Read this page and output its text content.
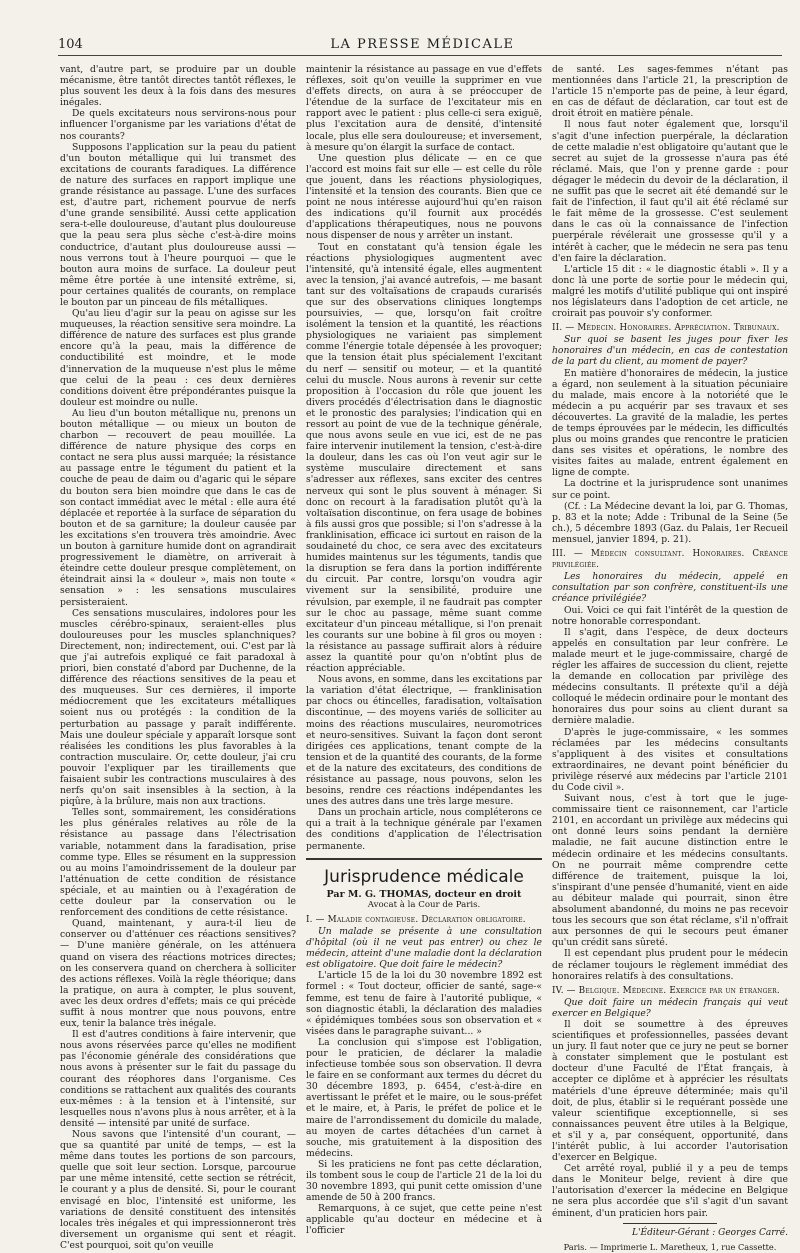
104	LA PRESSE MÉDICALE

vant, d'autre part, se produire par un double mécanisme, être tantôt directes tantôt réflexes, le plus souvent les deux à la fois dans des mesures inégales.

De quels excitateurs nous servirons-nous pour influencer l'organisme par les variations d'état de nos courants?

Supposons l'application sur la peau du patient d'un bouton métallique qui lui transmet des excitations de courants faradiques. La différence de nature des surfaces en rapport implique une grande résistance au passage. L'une des surfaces est, d'autre part, richement pourvue de nerfs d'une grande sensibilité. Aussi cette application sera-t-elle douloureuse, d'autant plus douloureuse que la peau sera plus sèche c'est-à-dire moins conductrice, d'autant plus douloureuse aussi — nous verrons tout à l'heure pourquoi — que le bouton aura moins de surface. La douleur peut même être portée à une intensité extrême, si, pour certaines qualités de courants, on remplace le bouton par un pinceau de fils métalliques.

Qu'au lieu d'agir sur la peau on agisse sur les muqueuses, la réaction sensitive sera moindre. La différence de nature des surfaces est plus grande encore qu'à la peau, mais la différence de conductibilité est moindre, et le mode d'innervation de la muqueuse n'est plus le même que celui de la peau : ces deux dernières conditions doivent être prépondérantes puisque la douleur est moindre ou nulle.

Au lieu d'un bouton métallique nu, prenons un bouton métallique — ou mieux un bouton de charbon — recouvert de peau mouillée. La différence de nature physique des corps en contact ne sera plus aussi marquée; la résistance au passage entre le tégument du patient et la couche de peau de daim ou d'agaric qui le sépare du bouton sera bien moindre que dans le cas de son contact immédiat avec le métal : elle aura été déplacée et reportée à la surface de séparation du bouton et de sa garniture; la douleur causée par les excitations s'en trouvera très amoindrie. Avec un bouton à garniture humide dont on agrandirait progressivement le diamètre, on arriverait à éteindre cette douleur presque complètement, on éteindrait ainsi la « douleur », mais non toute « sensation » : les sensations musculaires persisteraient.

Ces sensations musculaires, indolores pour les muscles cérébro-spinaux, seraient-elles plus douloureuses pour les muscles splanchniques? Directement, non; indirectement, oui. C'est par là que j'ai autrefois expliqué ce fait paradoxal à priori, bien constaté d'abord par Duchenne, de la différence des réactions sensitives de la peau et des muqueuses. Sur ces dernières, il importe médiocrement que les excitateurs métalliques soient nus ou protégés : la condition de la perturbation au passage y paraît indifférente. Mais une douleur spéciale y apparaît lorsque sont réalisées les conditions les plus favorables à la contraction musculaire. Or, cette douleur, j'ai cru pouvoir l'expliquer par les tiraillements que faisaient subir les contractions musculaires à des nerfs qu'on sait insensibles à la section, à la piqûre, à la brûlure, mais non aux tractions.

Telles sont, sommairement, les considérations les plus générales relatives au rôle de la résistance au passage dans l'électrisation variable, notamment dans la faradisation, prise comme type. Elles se résument en la suppression ou au moins l'amoindrissement de la douleur par l'atténuation de cette condition de résistance spéciale, et au maintien ou à l'exagération de cette douleur par la conservation ou le renforcement des conditions de cette résistance.

Quand, maintenant, y aura-t-il lieu de conserver ou d'atténuer ces réactions sensitives? — D'une manière générale, on les atténuera quand on visera des réactions motrices directes; on les conservera quand on cherchera à solliciter des actions réflexes. Voilà la règle théorique; dans la pratique, on aura à compter, le plus souvent, avec les deux ordres d'effets; mais ce qui précède suffit à nous montrer que nous pouvons, entre eux, tenir la balance très inégale.

Il est d'autres conditions à faire intervenir, que nous avons réservées parce qu'elles ne modifient pas l'économie générale des considérations que nous avons à présenter sur le fait du passage du courant des réophores dans l'organisme. Ces conditions se rattachent aux qualités des courants eux-mêmes : à la tension et à l'intensité, sur lesquelles nous n'avons plus à nous arrêter, et à la densité — intensité par unité de surface.

Nous savons que l'intensité d'un courant, — que sa quantité par unité de temps, — est la même dans toutes les portions de son parcours, quelle que soit leur section. Lorsque, parcourue par une même intensité, cette section se rétrécit, le courant y a plus de densité. Si, pour le courant envisagé en bloc, l'intensité est uniforme, les variations de densité constituent des intensités locales très inégales et qui impressionneront très diversement un organisme qui sent et réagit. C'est pourquoi, soit qu'on veuille

maintenir la résistance au passage en vue d'effets réflexes, soit qu'on veuille la supprimer en vue d'effets directs, on aura à se préoccuper de l'étendue de la surface de l'excitateur mis en rapport avec le patient : plus celle-ci sera exiguë, plus l'excitation aura de densité, d'intensité locale, plus elle sera douloureuse; et inversement, à mesure qu'on élargit la surface de contact.

Une question plus délicate — en ce que l'accord est moins fait sur elle — est celle du rôle que jouent, dans les réactions physiologiques, l'intensité et la tension des courants. Bien que ce point ne nous intéresse aujourd'hui qu'en raison des indications qu'il fournit aux procédés d'applications thérapeutiques, nous ne pouvons nous dispenser de nous y arrêter un instant.

Tout en constatant qu'à tension égale les réactions physiologiques augmentent avec l'intensité, qu'à intensité égale, elles augmentent avec la tension, j'ai avancé autrefois, — me basant tant sur des voltaïsations de crapauds curarisés que sur des observations cliniques longtemps poursuivies, — que, lorsqu'on fait croître isolément la tension et la quantité, les réactions physiologiques ne variaient pas simplement comme l'énergie totale dépensée à les provoquer; que la tension était plus spécialement l'excitant du nerf — sensitif ou moteur, — et la quantité celui du muscle. Nous aurons à revenir sur cette proposition à l'occasion du rôle que jouent les divers procédés d'électrisation dans le diagnostic et le pronostic des paralysies; l'indication qui en ressort au point de vue de la technique générale, que nous avons seule en vue ici, est de ne pas faire intervenir inutilement la tension, c'est-à-dire la douleur, dans les cas où l'on veut agir sur le système musculaire directement et sans s'adresser aux réflexes, sans exciter des centres nerveux qui sont le plus souvent à ménager. Si donc on recourt à la faradisation plutôt qu'à la voltaïsation discontinue, on fera usage de bobines à fils aussi gros que possible; si l'on s'adresse à la franklinisation, efficace ici surtout en raison de la soudaineté du choc, ce sera avec des excitateurs humides maintenus sur les téguments, tandis que la disruption se fera dans la portion indifférente du circuit. Par contre, lorsqu'on voudra agir vivement sur la sensibilité, produire une révulsion, par exemple, il ne faudrait pas compter sur le choc au passage, même suant comme excitateur d'un pinceau métallique, si l'on prenait les courants sur une bobine à fil gros ou moyen : la résistance au passage suffirait alors à réduire assez la quantité pour qu'on n'obtînt plus de réaction appréciable.

Nous avons, en somme, dans les excitations par la variation d'état électrique, — franklinisation par chocs ou étincelles, faradisation, voltaïsation discontinue, — des moyens variés de solliciter au moins des réactions musculaires, neuromotrices et neuro-sensitives. Suivant la façon dont seront dirigées ces applications, tenant compte de la tension et de la quantité des courants, de la forme et de la nature des excitateurs, des conditions de résistance au passage, nous pouvons, selon les besoins, rendre ces réactions indépendantes les unes des autres dans une très large mesure.

Dans un prochain article, nous compléterons ce qui a trait à la technique générale par l'examen des conditions d'application de l'électrisation permanente.

Jurisprudence médicale
Par M. G. THOMAS, docteur en droit
Avocat à la Cour de Paris.

I. — Maladie contagieuse. Déclaration obligatoire.

Un malade se présente à une consultation d'hôpital (où il ne veut pas entrer) ou chez le médecin, atteint d'une maladie dont la déclaration est obligatoire. Que doit faire le médecin?

L'article 15 de la loi du 30 novembre 1892 est formel : « Tout docteur, officier de santé, sage-« femme, est tenu de faire à l'autorité publique, « son diagnostic établi, la déclaration des maladies « épidémiques tombées sous son observation et « visées dans le paragraphe suivant... »

La conclusion qui s'impose est l'obligation, pour le praticien, de déclarer la maladie infectieuse tombée sous son observation. Il devra le faire en se conformant aux termes du décret du 30 décembre 1893, p. 6454, c'est-à-dire en avertissant le préfet et le maire, ou le sous-préfet et le maire, et, à Paris, le préfet de police et le maire de l'arrondissement du domicile du malade, au moyen de cartes détachées d'un carnet à souche, mis gratuitement à la disposition des médecins.

Si les praticiens ne font pas cette déclaration, ils tombent sous le coup de l'article 21 de la loi du 30 novembre 1893, qui punit cette omission d'une amende de 50 à 200 francs.

Remarquons, à ce sujet, que cette peine n'est applicable qu'au docteur en médecine et à l'officier

de santé. Les sages-femmes n'étant pas mentionnées dans l'article 21, la prescription de l'article 15 n'emporte pas de peine, à leur égard, en cas de défaut de déclaration, car tout est de droit étroit en matière pénale.

Il nous faut noter également que, lorsqu'il s'agit d'une infection puerpérale, la déclaration de cette maladie n'est obligatoire qu'autant que le secret au sujet de la grossesse n'aura pas été réclamé. Mais, que l'on y prenne garde : pour dégager le médecin du devoir de la déclaration, il ne suffit pas que le secret ait été demandé sur le fait de l'infection, il faut qu'il ait été réclamé sur le fait même de la grossesse. C'est seulement dans le cas où la connaissance de l'infection puerpérale révélerait une grossesse qu'il y a intérêt à cacher, que le médecin ne sera pas tenu d'en faire la déclaration.

L'article 15 dit : « le diagnostic établi ». Il y a donc là une porte de sortie pour le médecin qui, malgré les motifs d'utilité publique qui ont inspiré nos législateurs dans l'adoption de cet article, ne croirait pas pouvoir s'y conformer.

II. — Médecin. Honoraires. Appréciation. Tribunaux.

Sur quoi se basent les juges pour fixer les honoraires d'un médecin, en cas de contestation de la part du client, au moment de payer?

En matière d'honoraires de médecin, la justice a égard, non seulement à la situation pécuniaire du malade, mais encore à la notoriété que le médecin a pu acquérir par ses travaux et ses découvertes. La gravité de la maladie, les pertes de temps éprouvées par le médecin, les difficultés plus ou moins grandes que rencontre le praticien dans ses visites et opérations, le nombre des visites faites au malade, entrent également en ligne de compte.

La doctrine et la jurisprudence sont unanimes sur ce point.

(Cf. : La Médecine devant la loi, par G. Thomas, p. 83 et la note; Adde : Tribunal de la Seine (5e ch.), 5 décembre 1893 (Gaz. du Palais, 1er Recueil mensuel, janvier 1894, p. 21).

III. — Médecin consultant. Honoraires. Créance privilégiée.

Les honoraires du médecin, appelé en consultation par son confrère, constituent-ils une créance privilégiée?

Oui. Voici ce qui fait l'intérêt de la question de notre honorable correspondant.

Il s'agit, dans l'espèce, de deux docteurs appelés en consultation par leur confrère. Le malade meurt et le juge-commissaire, chargé de régler les affaires de succession du client, rejette la demande en collocation par privilège des médecins consultants. Il prétexte qu'il a déjà colloqué le médecin ordinaire pour le montant des honoraires dus pour soins au client durant sa dernière maladie.

D'après le juge-commissaire, « les sommes réclamées par les médecins consultants s'appliquent à des visites et consultations extraordinaires, ne devant point bénéficier du privilège réservé aux médecins par l'article 2101 du Code civil ».

Suivant nous, c'est à tort que le juge-commissaire tient ce raisonnement, car l'article 2101, en accordant un privilège aux médecins qui ont donné leurs soins pendant la dernière maladie, ne fait aucune distinction entre le médecin ordinaire et les médecins consultants. On ne pourrait même comprendre cette différence de traitement, puisque la loi, s'inspirant d'une pensée d'humanité, vient en aide au débiteur malade qui pourrait, sinon être absolument abandonné, du moins ne pas recevoir tous les secours que son état réclame, s'il n'offrait aux personnes de qui le secours peut émaner qu'un crédit sans sûreté.

Il est cependant plus prudent pour le médecin de réclamer toujours le règlement immédiat des honoraires relatifs à des consultations.

IV. — Belgique. Médecine. Exercice par un étranger.

Que doit faire un médecin français qui veut exercer en Belgique?

Il doit se soumettre à des épreuves scientifiques et professionnelles, passées devant un jury. Il faut noter que ce jury ne peut se borner à constater simplement que le postulant est docteur d'une Faculté de l'État français, à accepter ce diplôme et à apprécier les résultats matériels d'une épreuve déterminée; mais qu'il doit, de plus, établir si le requérant possède une valeur scientifique exceptionnelle, si ses connaissances peuvent être utiles à la Belgique, et s'il y a, par conséquent, opportunité, dans l'intérêt public, à lui accorder l'autorisation d'exercer en Belgique.

Cet arrêté royal, publié il y a peu de temps dans le Moniteur belge, revient à dire que l'autorisation d'exercer la médecine en Belgique ne sera plus accordée que s'il s'agit d'un savant éminent, d'un praticien hors pair.

L'Éditeur-Gérant : Georges Carré.
Paris. — Imprimerie L. Maretheux, 1, rue Cassette.
